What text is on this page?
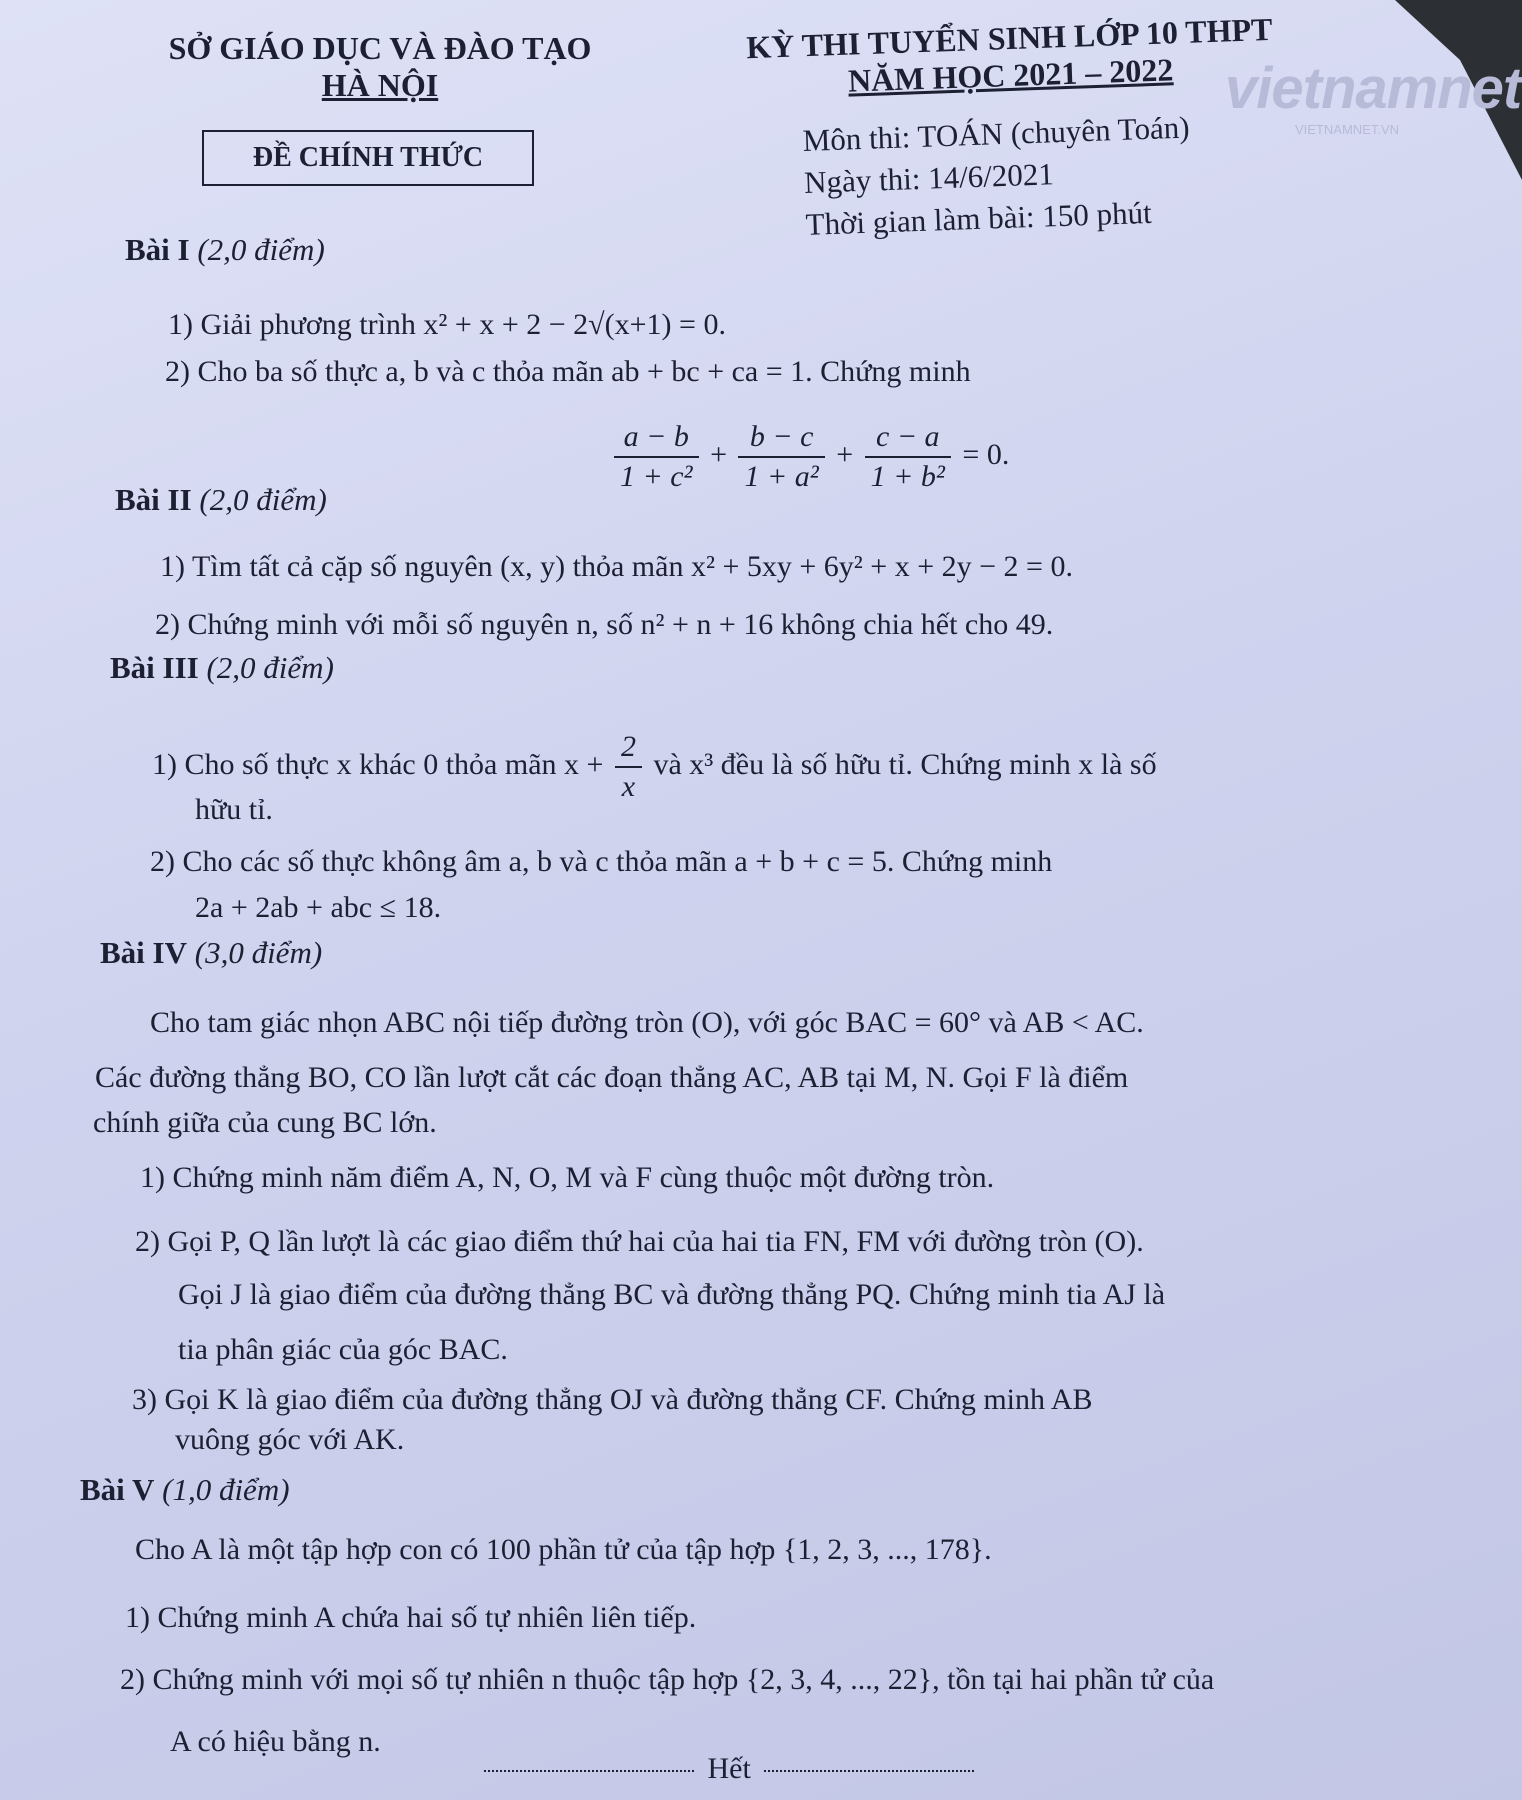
SỞ GIÁO DỤC VÀ ĐÀO TẠO
HÀ NỘI
ĐỀ CHÍNH THỨC
KỲ THI TUYỂN SINH LỚP 10 THPT
NĂM HỌC 2021 – 2022
Môn thi: TOÁN (chuyên Toán)
Ngày thi: 14/6/2021
Thời gian làm bài: 150 phút
vietnamnet
VIETNAMNET.VN
Bài I (2,0 điểm)
1) Giải phương trình x² + x + 2 − 2√(x+1) = 0.
2) Cho ba số thực a, b và c thỏa mãn ab + bc + ca = 1. Chứng minh
$\frac{a - b}{\text{1 + c²}} + \frac{b - c}{\text{1 + a²}} + \frac{c - a}{\text{1 + b²}} = 0$.
Bài II (2,0 điểm)
1) Tìm tất cả cặp số nguyên (x, y) thỏa mãn x² + 5xy + 6y² + x + 2y − 2 = 0.
2) Chứng minh với mỗi số nguyên n, số n² + n + 16 không chia hết cho 49.
Bài III (2,0 điểm)
1) Cho số thực x khác 0 thỏa mãn $x + \frac{2}{x}$ và x³ đều là số hữu tỉ. Chứng minh x là số
hữu tỉ.
2) Cho các số thực không âm a, b và c thỏa mãn a + b + c = 5. Chứng minh
2a + 2ab + abc ≤ 18.
Bài IV (3,0 điểm)
Cho tam giác nhọn ABC nội tiếp đường tròn (O), với góc BAC = 60° và AB < AC.
Các đường thẳng BO, CO lần lượt cắt các đoạn thẳng AC, AB tại M, N. Gọi F là điểm
chính giữa của cung BC lớn.
1) Chứng minh năm điểm A, N, O, M và F cùng thuộc một đường tròn.
2) Gọi P, Q lần lượt là các giao điểm thứ hai của hai tia FN, FM với đường tròn (O).
Gọi J là giao điểm của đường thẳng BC và đường thẳng PQ. Chứng minh tia AJ là
tia phân giác của góc BAC.
3) Gọi K là giao điểm của đường thẳng OJ và đường thẳng CF. Chứng minh AB
vuông góc với AK.
Bài V (1,0 điểm)
Cho A là một tập hợp con có 100 phần tử của tập hợp {1, 2, 3, ..., 178}.
1) Chứng minh A chứa hai số tự nhiên liên tiếp.
2) Chứng minh với mọi số tự nhiên n thuộc tập hợp {2, 3, 4, ..., 22}, tồn tại hai phần tử của
A có hiệu bằng n.
Hết
